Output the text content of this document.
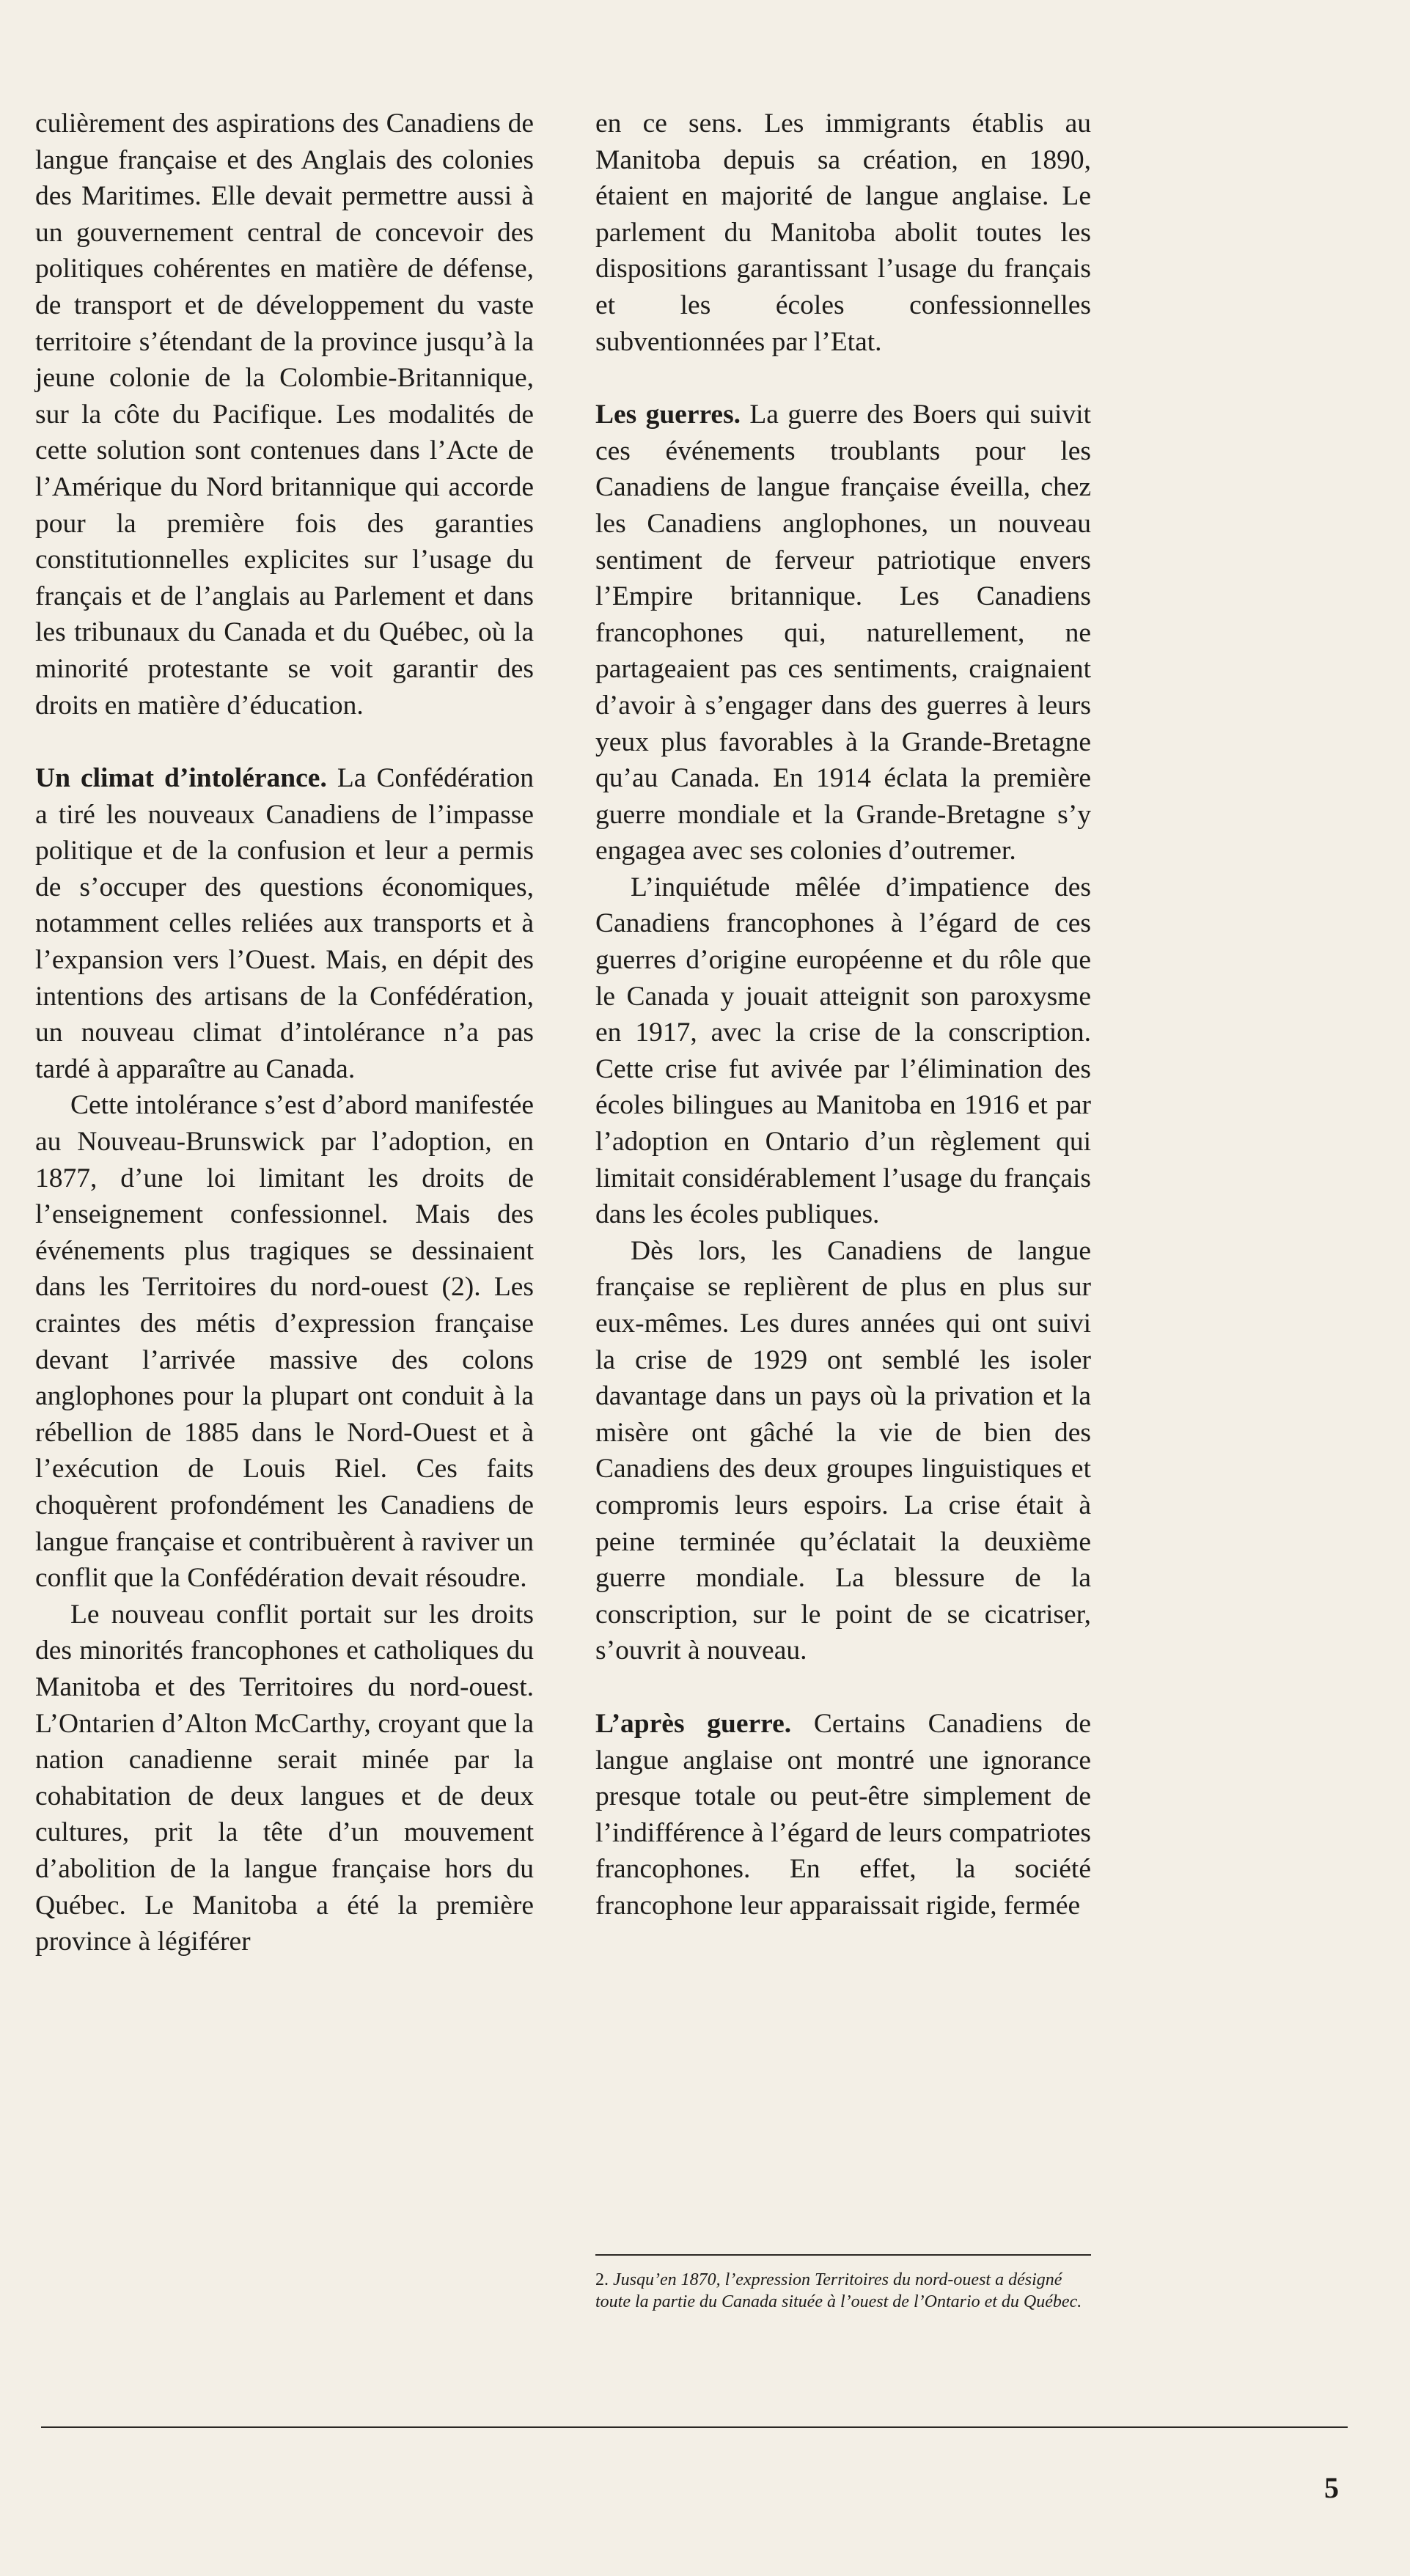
culièrement des aspirations des Canadiens de langue française et des Anglais des colonies des Maritimes. Elle devait permettre aussi à un gouvernement central de concevoir des politiques cohérentes en matière de défense, de transport et de développement du vaste territoire s’étendant de la province jusqu’à la jeune colonie de la Colombie-Britannique, sur la côte du Pacifique. Les modalités de cette solution sont contenues dans l’Acte de l’Amérique du Nord britannique qui accorde pour la première fois des garanties constitutionnelles explicites sur l’usage du français et de l’anglais au Parlement et dans les tribunaux du Canada et du Québec, où la minorité protestante se voit garantir des droits en matière d’éducation.

Un climat d’intolérance. La Confédération a tiré les nouveaux Canadiens de l’impasse politique et de la confusion et leur a permis de s’occuper des questions économiques, notamment celles reliées aux transports et à l’expansion vers l’Ouest. Mais, en dépit des intentions des artisans de la Confédération, un nouveau climat d’intolérance n’a pas tardé à apparaître au Canada.

Cette intolérance s’est d’abord manifestée au Nouveau-Brunswick par l’adoption, en 1877, d’une loi limitant les droits de l’enseignement confessionnel. Mais des événements plus tragiques se dessinaient dans les Territoires du nord-ouest (2). Les craintes des métis d’expression française devant l’arrivée massive des colons anglophones pour la plupart ont conduit à la rébellion de 1885 dans le Nord-Ouest et à l’exécution de Louis Riel. Ces faits choquèrent profondément les Canadiens de langue française et contribuèrent à raviver un conflit que la Confédération devait résoudre.

Le nouveau conflit portait sur les droits des minorités francophones et catholiques du Manitoba et des Territoires du nord-ouest. L’Ontarien d’Alton McCarthy, croyant que la nation canadienne serait minée par la cohabitation de deux langues et de deux cultures, prit la tête d’un mouvement d’abolition de la langue française hors du Québec. Le Manitoba a été la première province à légiférer

en ce sens. Les immigrants établis au Manitoba depuis sa création, en 1890, étaient en majorité de langue anglaise. Le parlement du Manitoba abolit toutes les dispositions garantissant l’usage du français et les écoles confessionnelles subventionnées par l’Etat.

Les guerres. La guerre des Boers qui suivit ces événements troublants pour les Canadiens de langue française éveilla, chez les Canadiens anglophones, un nouveau sentiment de ferveur patriotique envers l’Empire britannique. Les Canadiens francophones qui, naturellement, ne partageaient pas ces sentiments, craignaient d’avoir à s’engager dans des guerres à leurs yeux plus favorables à la Grande-Bretagne qu’au Canada. En 1914 éclata la première guerre mondiale et la Grande-Bretagne s’y engagea avec ses colonies d’outremer.

L’inquiétude mêlée d’impatience des Canadiens francophones à l’égard de ces guerres d’origine européenne et du rôle que le Canada y jouait atteignit son paroxysme en 1917, avec la crise de la conscription. Cette crise fut avivée par l’élimination des écoles bilingues au Manitoba en 1916 et par l’adoption en Ontario d’un règlement qui limitait considérablement l’usage du français dans les écoles publiques.

Dès lors, les Canadiens de langue française se replièrent de plus en plus sur eux-mêmes. Les dures années qui ont suivi la crise de 1929 ont semblé les isoler davantage dans un pays où la privation et la misère ont gâché la vie de bien des Canadiens des deux groupes linguistiques et compromis leurs espoirs. La crise était à peine terminée qu’éclatait la deuxième guerre mondiale. La blessure de la conscription, sur le point de se cicatriser, s’ouvrit à nouveau.

L’après guerre. Certains Canadiens de langue anglaise ont montré une ignorance presque totale ou peut-être simplement de l’indifférence à l’égard de leurs compatriotes francophones. En effet, la société francophone leur apparaissait rigide, fermée

2. Jusqu’en 1870, l’expression Territoires du nord-ouest a désigné toute la partie du Canada située à l’ouest de l’Ontario et du Québec.
5
